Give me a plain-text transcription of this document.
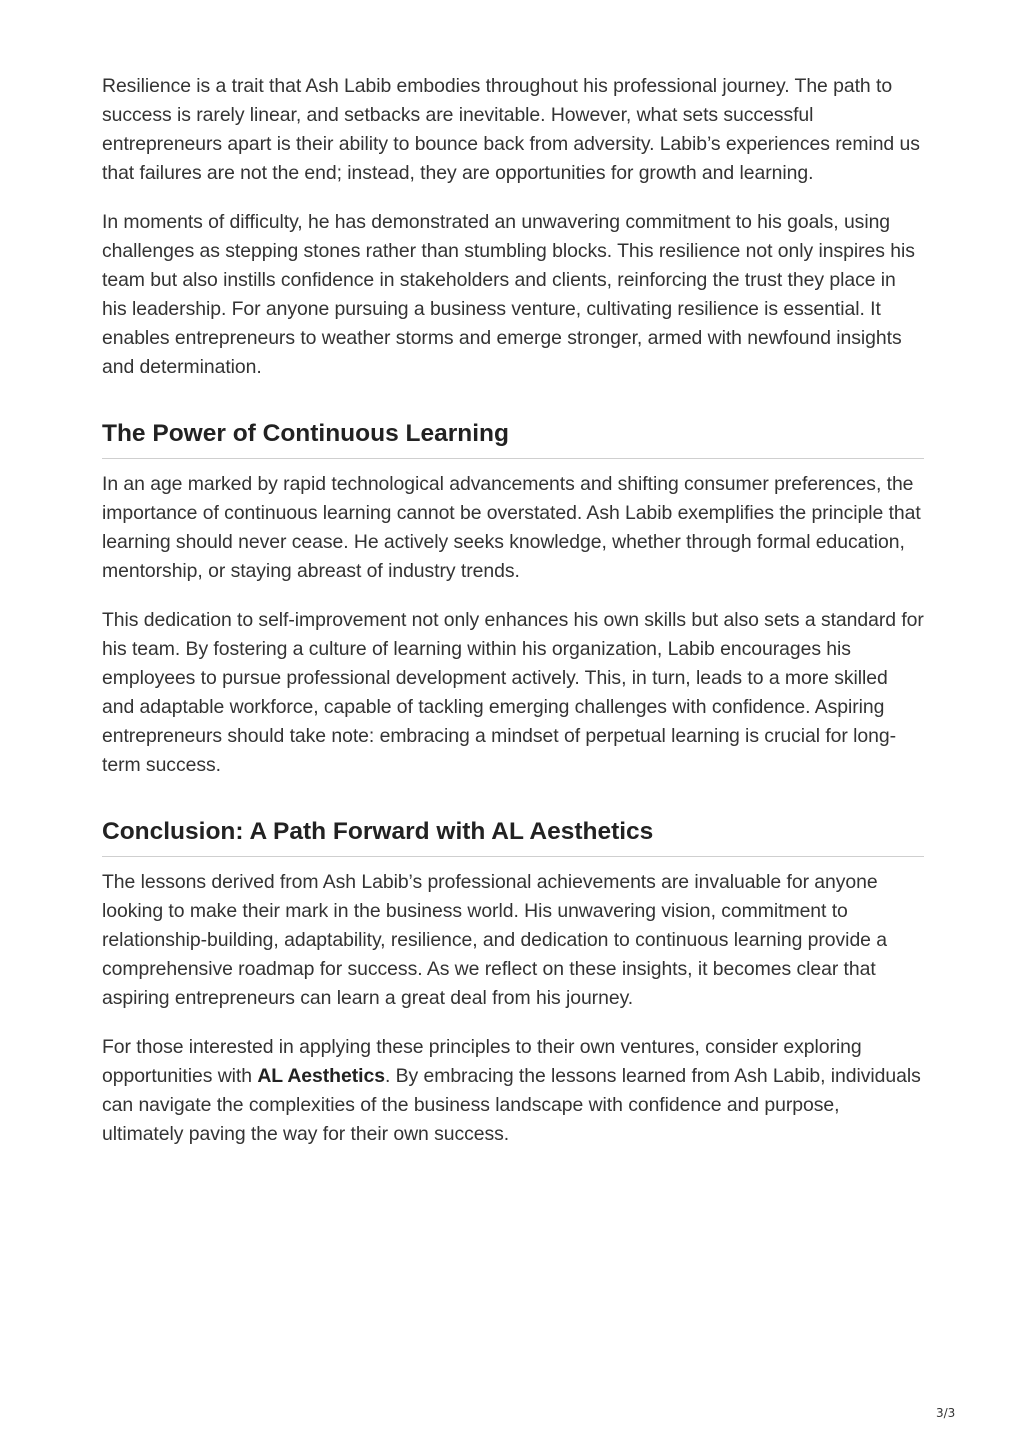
Resilience is a trait that Ash Labib embodies throughout his professional journey. The path to success is rarely linear, and setbacks are inevitable. However, what sets successful entrepreneurs apart is their ability to bounce back from adversity. Labib’s experiences remind us that failures are not the end; instead, they are opportunities for growth and learning.

In moments of difficulty, he has demonstrated an unwavering commitment to his goals, using challenges as stepping stones rather than stumbling blocks. This resilience not only inspires his team but also instills confidence in stakeholders and clients, reinforcing the trust they place in his leadership. For anyone pursuing a business venture, cultivating resilience is essential. It enables entrepreneurs to weather storms and emerge stronger, armed with newfound insights and determination.

The Power of Continuous Learning

In an age marked by rapid technological advancements and shifting consumer preferences, the importance of continuous learning cannot be overstated. Ash Labib exemplifies the principle that learning should never cease. He actively seeks knowledge, whether through formal education, mentorship, or staying abreast of industry trends.

This dedication to self-improvement not only enhances his own skills but also sets a standard for his team. By fostering a culture of learning within his organization, Labib encourages his employees to pursue professional development actively. This, in turn, leads to a more skilled and adaptable workforce, capable of tackling emerging challenges with confidence. Aspiring entrepreneurs should take note: embracing a mindset of perpetual learning is crucial for long-term success.

Conclusion: A Path Forward with AL Aesthetics

The lessons derived from Ash Labib’s professional achievements are invaluable for anyone looking to make their mark in the business world. His unwavering vision, commitment to relationship-building, adaptability, resilience, and dedication to continuous learning provide a comprehensive roadmap for success. As we reflect on these insights, it becomes clear that aspiring entrepreneurs can learn a great deal from his journey.

For those interested in applying these principles to their own ventures, consider exploring opportunities with AL Aesthetics. By embracing the lessons learned from Ash Labib, individuals can navigate the complexities of the business landscape with confidence and purpose, ultimately paving the way for their own success.

3/3
